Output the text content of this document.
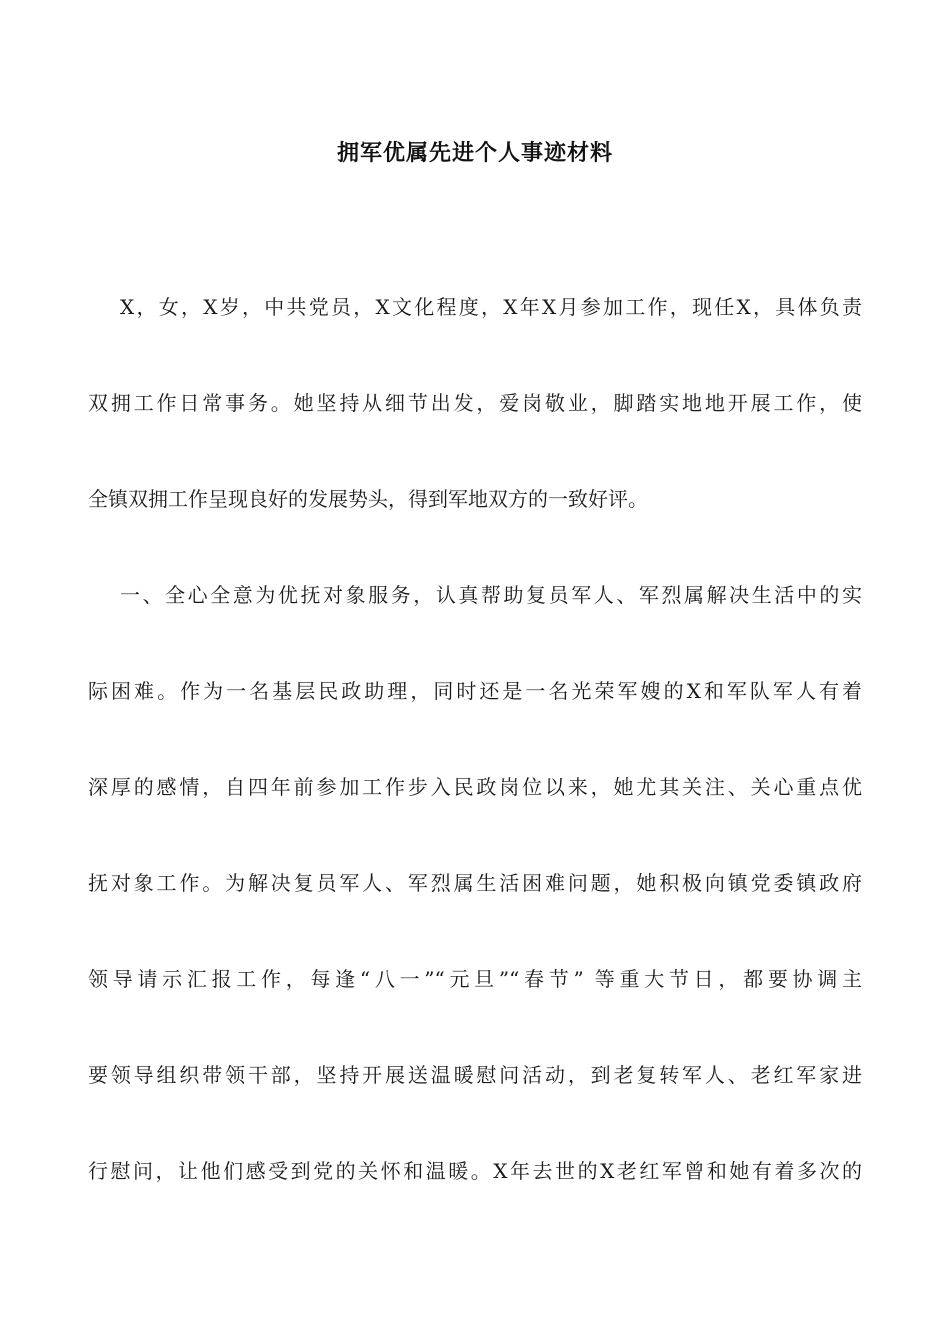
拥军优属先进个人事迹材料
X，女，X岁，中共党员，X文化程度，X年X月参加工作，现任X，具体负责
双拥工作日常事务。她坚持从细节出发，爱岗敬业，脚踏实地地开展工作，使
全镇双拥工作呈现良好的发展势头，得到军地双方的一致好评。
一、全心全意为优抚对象服务，认真帮助复员军人、军烈属解决生活中的实
际困难。作为一名基层民政助理，同时还是一名光荣军嫂的X和军队军人有着
深厚的感情，自四年前参加工作步入民政岗位以来，她尤其关注、关心重点优
抚对象工作。为解决复员军人、军烈属生活困难问题，她积极向镇党委镇政府
领导请示汇报工作，每逢“八一”“元旦”“春节” 等重大节日，都要协调主
要领导组织带领干部，坚持开展送温暖慰问活动，到老复转军人、老红军家进
行慰问，让他们感受到党的关怀和温暖。X年去世的X老红军曾和她有着多次的
